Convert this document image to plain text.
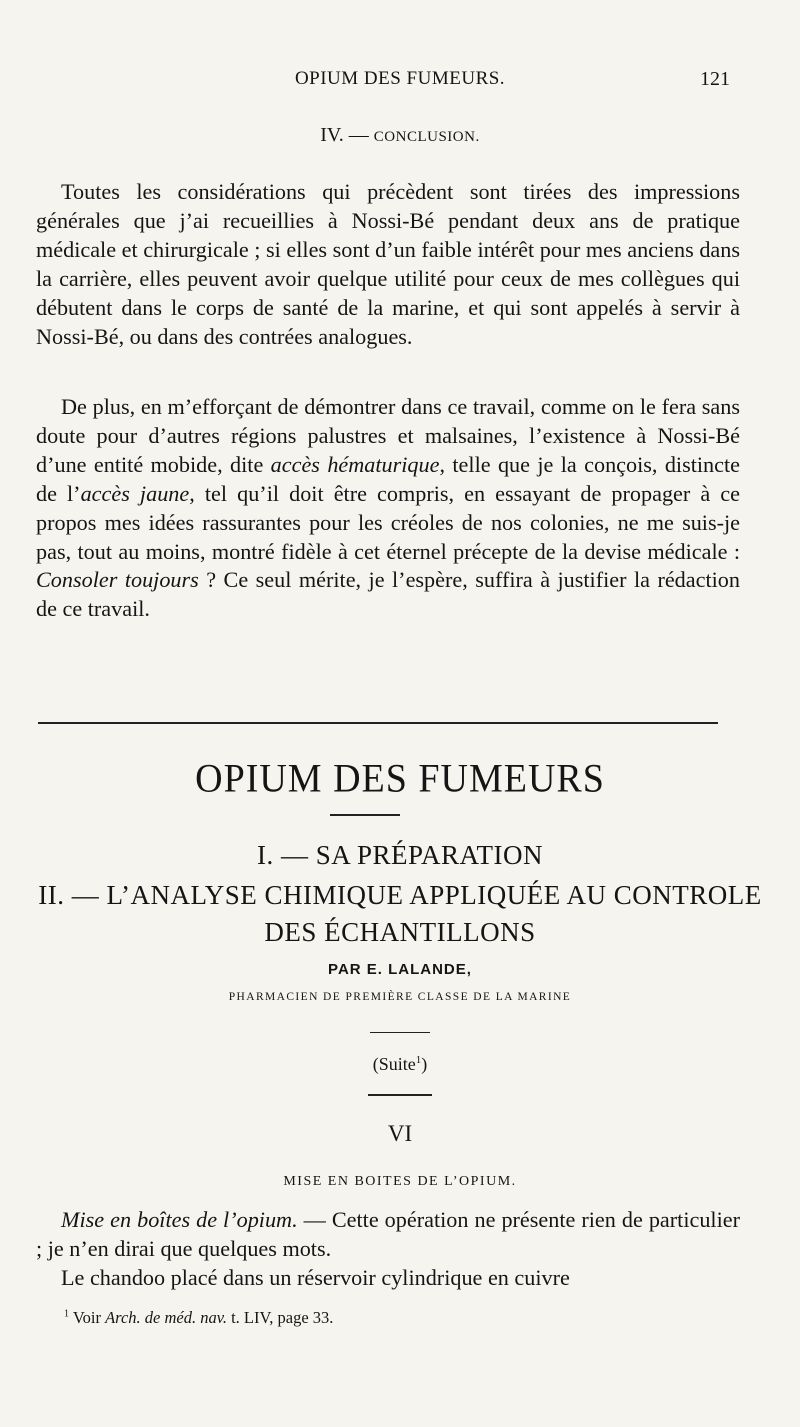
OPIUM DES FUMEURS.	121
IV. — CONCLUSION.

Toutes les considérations qui précèdent sont tirées des impressions générales que j’ai recueillies à Nossi-Bé pendant deux ans de pratique médicale et chirurgicale ; si elles sont d’un faible intérêt pour mes anciens dans la carrière, elles peuvent avoir quelque utilité pour ceux de mes collègues qui débutent dans le corps de santé de la marine, et qui sont appelés à servir à Nossi-Bé, ou dans des contrées analogues.

De plus, en m’efforçant de démontrer dans ce travail, comme on le fera sans doute pour d’autres régions palustres et malsaines, l’existence à Nossi-Bé d’une entité mobide, dite accès hématurique, telle que je la conçois, distincte de l’accès jaune, tel qu’il doit être compris, en essayant de propager à ce propos mes idées rassurantes pour les créoles de nos colonies, ne me suis-je pas, tout au moins, montré fidèle à cet éternel précepte de la devise médicale : Consoler toujours ? Ce seul mérite, je l’espère, suffira à justifier la rédaction de ce travail.

OPIUM DES FUMEURS
I. — SA PRÉPARATION
II. — L’ANALYSE CHIMIQUE APPLIQUÉE AU CONTROLE
DES ÉCHANTILLONS
PAR E. LALANDE,
PHARMACIEN DE PREMIÈRE CLASSE DE LA MARINE
(Suite$^1$)
VI
MISE EN BOITES DE L’OPIUM.

Mise en boîtes de l’opium. — Cette opération ne présente rien de particulier ; je n’en dirai que quelques mots.

Le chandoo placé dans un réservoir cylindrique en cuivre

$^1$ Voir Arch. de méd. nav. t. LIV, page 33.
